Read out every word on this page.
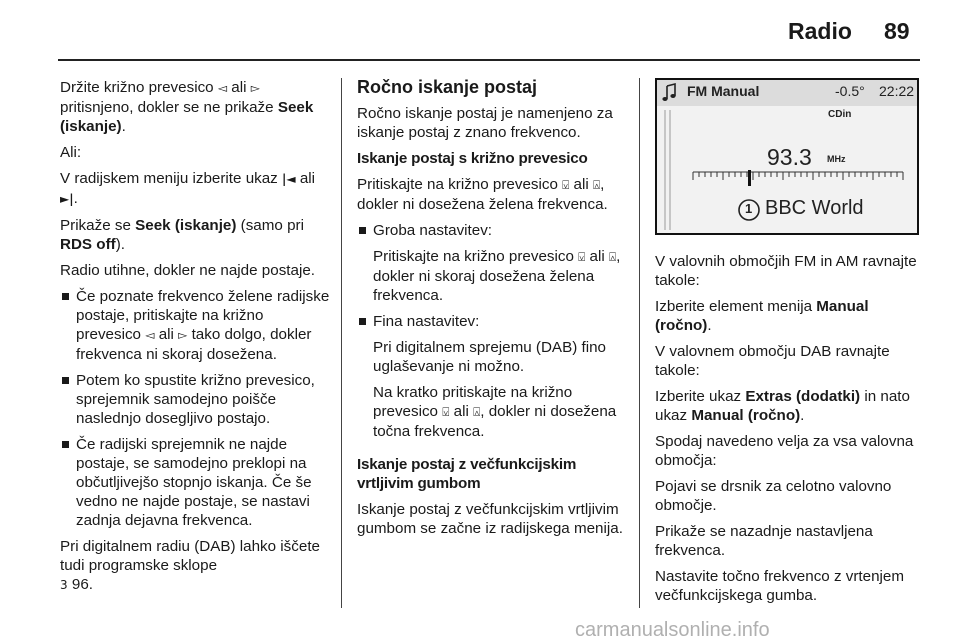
Radio 89

Držite križno prevesico ◅ ali ▻ pritisnjeno, dokler se ne prikaže Seek (iskanje).

Ali:

V radijskem meniju izberite ukaz |◄ ali ►|.

Prikaže se Seek (iskanje) (samo pri RDS off).

Radio utihne, dokler ne najde postaje.

Če poznate frekvenco želene radijske postaje, pritiskajte na križno prevesico ◅ ali ▻ tako dolgo, dokler frekvenca ni skoraj dosežena.

Potem ko spustite križno prevesico, sprejemnik samodejno poišče naslednjo dosegljivo postajo.

Če radijski sprejemnik ne najde postaje, se samodejno preklopi na občutljivejšo stopnjo iskanja. Če še vedno ne najde postaje, se nastavi zadnja dejavna frekvenca.

Pri digitalnem radiu (DAB) lahko iščete tudi programske sklope
3 96.

Ročno iskanje postaj

Ročno iskanje postaj je namenjeno za iskanje postaj z znano frekvenco.

Iskanje postaj s križno prevesico

Pritiskajte na križno prevesico ⍌ ali ⍓, dokler ni dosežena želena frekvenca.

Groba nastavitev:

Pritiskajte na križno prevesico ⍌ ali ⍓, dokler ni skoraj dosežena želena frekvenca.

Fina nastavitev:

Pri digitalnem sprejemu (DAB) fino uglaševanje ni možno.

Na kratko pritiskajte na križno prevesico ⍌ ali ⍓, dokler ni dosežena točna frekvenca.

Iskanje postaj z večfunkcijskim vrtljivim gumbom

Iskanje postaj z večfunkcijskim vrtljivim gumbom se začne iz radijskega menija.

FM Manual	-0.5° 22:22
CDin
93.3 MHz
1 BBC World

V valovnih območjih FM in AM ravnajte takole:

Izberite element menija Manual (ročno).

V valovnem območju DAB ravnajte takole:

Izberite ukaz Extras (dodatki) in nato ukaz Manual (ročno).

Spodaj navedeno velja za vsa valovna območja:

Pojavi se drsnik za celotno valovno območje.

Prikaže se nazadnje nastavljena frekvenca.

Nastavite točno frekvenco z vrtenjem večfunkcijskega gumba.

carmanualsonline.info
